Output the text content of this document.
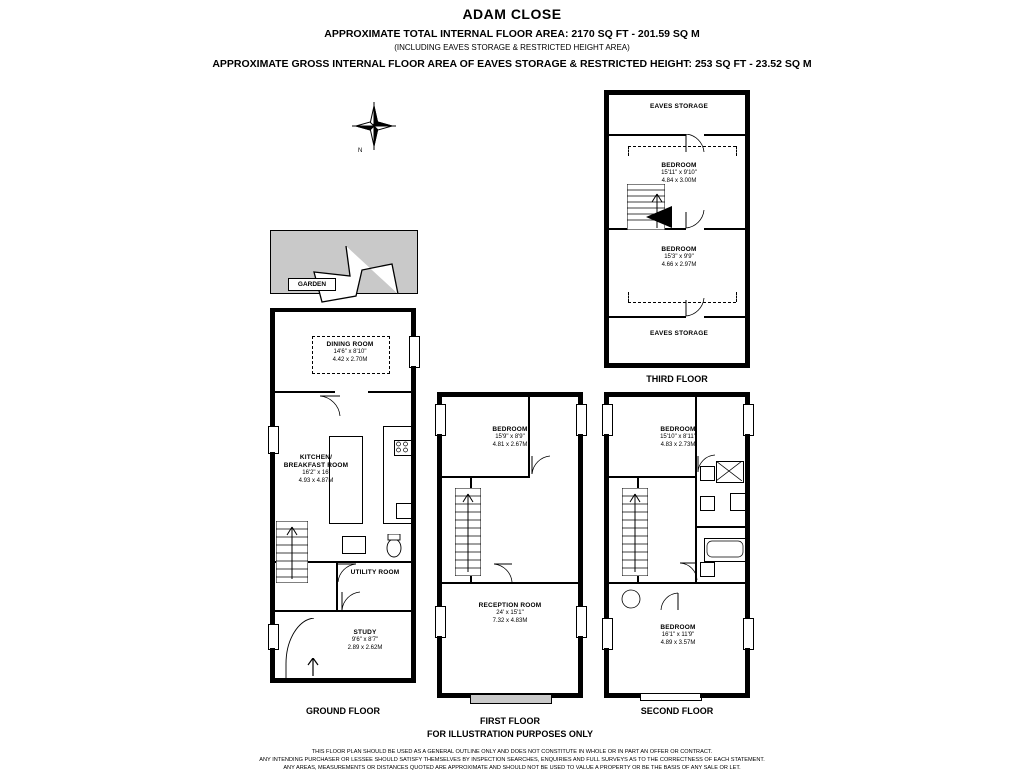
ADAM CLOSE
APPROXIMATE TOTAL INTERNAL FLOOR AREA: 2170 SQ FT - 201.59 SQ M
(INCLUDING EAVES STORAGE & RESTRICTED HEIGHT AREA)
APPROXIMATE GROSS INTERNAL FLOOR AREA OF EAVES STORAGE & RESTRICTED HEIGHT: 253 SQ FT - 23.52 SQ M
N
EAVES STORAGE
BEDROOM
15'11" x 9'10"
4.84 x 3.00M
BEDROOM
15'3" x 9'9"
4.66 x 2.97M
EAVES STORAGE
THIRD FLOOR
GARDEN
DINING ROOM
14'6" x 8'10"
4.42 x 2.70M
KITCHEN/
BREAKFAST ROOM
16'2" x 16'
4.93 x 4.87M
UTILITY ROOM
STUDY
9'6" x 8'7"
2.89 x 2.62M
GROUND FLOOR
BEDROOM
15'9" x 8'9"
4.81 x 2.67M
RECEPTION ROOM
24' x 15'1"
7.32 x 4.83M
FIRST FLOOR
FOR ILLUSTRATION PURPOSES ONLY
BEDROOM
15'10" x 8'11"
4.83 x 2.73M
BEDROOM
16'1" x 11'9"
4.89 x 3.57M
SECOND FLOOR
THIS FLOOR PLAN SHOULD BE USED AS A GENERAL OUTLINE ONLY AND DOES NOT CONSTITUTE IN WHOLE OR IN PART AN OFFER OR CONTRACT.
ANY INTENDING PURCHASER OR LESSEE SHOULD SATISFY THEMSELVES BY INSPECTION SEARCHES, ENQUIRIES AND FULL SURVEYS AS TO THE CORRECTNESS OF EACH STATEMENT.
ANY AREAS, MEASUREMENTS OR DISTANCES QUOTED ARE APPROXIMATE AND SHOULD NOT BE USED TO VALUE A PROPERTY OR BE THE BASIS OF ANY SALE OR LET.
